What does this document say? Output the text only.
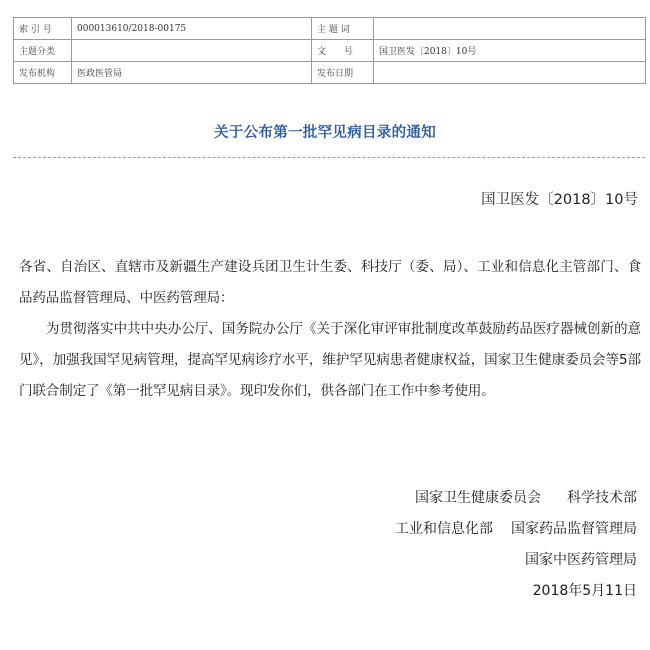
索 引 号	000013610/2018-00175	主 题 词	
主题分类		文　　号	国卫医发〔2018〕10号
发布机构	医政医管局	发布日期	
关于公布第一批罕见病目录的通知
国卫医发〔2018〕10号

各省、自治区、直辖市及新疆生产建设兵团卫生计生委、科技厅（委、局）、工业和信息化主管部门、食品药品监督管理局、中医药管理局：

为贯彻落实中共中央办公厅、国务院办公厅《关于深化审评审批制度改革鼓励药品医疗器械创新的意见》，加强我国罕见病管理，提高罕见病诊疗水平，维护罕见病患者健康权益，国家卫生健康委员会等5部门联合制定了《第一批罕见病目录》。现印发你们，供各部门在工作中参考使用。

国家卫生健康委员会 科学技术部
工业和信息化部 国家药品监督管理局
国家中医药管理局
2018年5月11日
